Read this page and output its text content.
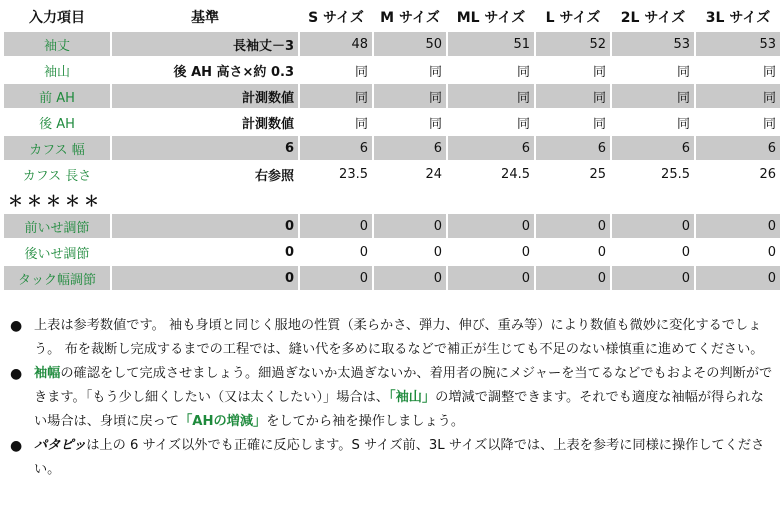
入力項目	基準	S サイズ	M サイズ	ML サイズ	L サイズ	2L サイズ	3L サイズ
袖丈	長袖丈－3	48	50	51	52	53	53
袖山	後 AH 高さ×約 0.3	同	同	同	同	同	同
前 AH	計測数値	同	同	同	同	同	同
後 AH	計測数値	同	同	同	同	同	同
カフス 幅	6	6	6	6	6	6	6
カフス 長さ	右参照	23.5	24	24.5	25	25.5	26
＊＊＊＊＊							
前いせ調節	0	0	0	0	0	0	0
後いせ調節	0	0	0	0	0	0	0
タック幅調節	0	0	0	0	0	0	0

● 上表は参考数値です。 袖も身頃と同じく服地の性質（柔らかさ、弾力、伸び、重み等）により数値も微妙に変化するでしょう。 布を裁断し完成するまでの工程では、縫い代を多めに取るなどで補正が生じても不足のない様慎重に進めてください。

● 袖幅の確認をして完成させましょう。細過ぎないか太過ぎないか、着用者の腕にメジャーを当てるなどでもおよその判断ができます。「もう少し細くしたい（又は太くしたい）」場合は、「袖山」の増減で調整できます。それでも適度な袖幅が得られない場合は、身頃に戻って「AHの増減」をしてから袖を操作しましょう。

● パタピッは上の 6 サイズ以外でも正確に反応します。S サイズ前、3L サイズ以降では、上表を参考に同様に操作してください。
